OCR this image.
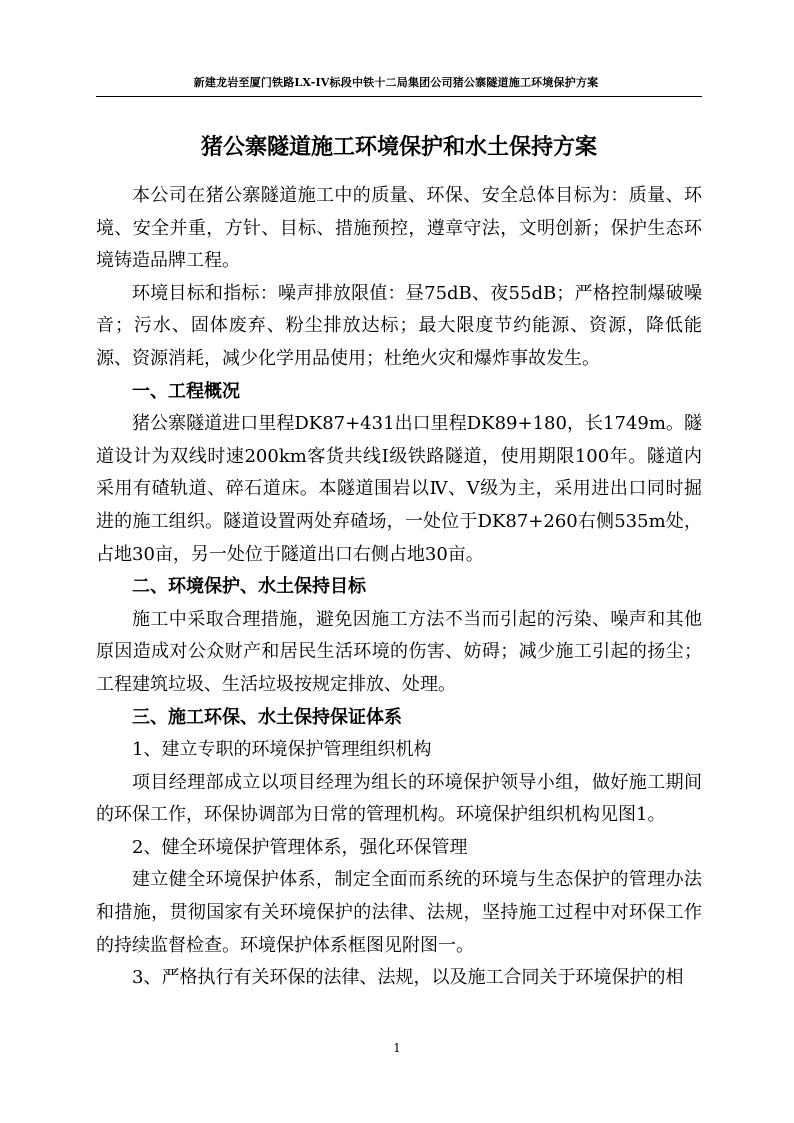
新建龙岩至厦门铁路LX-IV标段中铁十二局集团公司猪公寨隧道施工环境保护方案
猪公寨隧道施工环境保护和水土保持方案

本公司在猪公寨隧道施工中的质量、环保、安全总体目标为：质量、环境、安全并重，方针、目标、措施预控，遵章守法，文明创新；保护生态环境铸造品牌工程。

环境目标和指标：噪声排放限值：昼75dB、夜55dB；严格控制爆破噪音；污水、固体废弃、粉尘排放达标；最大限度节约能源、资源，降低能源、资源消耗，减少化学用品使用；杜绝火灾和爆炸事故发生。

一、工程概况

猪公寨隧道进口里程DK87+431出口里程DK89+180，长1749m。隧道设计为双线时速200km客货共线Ⅰ级铁路隧道，使用期限100年。隧道内采用有碴轨道、碎石道床。本隧道围岩以Ⅳ、Ⅴ级为主，采用进出口同时掘进的施工组织。隧道设置两处弃碴场，一处位于DK87+260右侧535m处，占地30亩，另一处位于隧道出口右侧占地30亩。

二、环境保护、水土保持目标

施工中采取合理措施，避免因施工方法不当而引起的污染、噪声和其他原因造成对公众财产和居民生活环境的伤害、妨碍；减少施工引起的扬尘；工程建筑垃圾、生活垃圾按规定排放、处理。

三、施工环保、水土保持保证体系

1、建立专职的环境保护管理组织机构

项目经理部成立以项目经理为组长的环境保护领导小组，做好施工期间的环保工作，环保协调部为日常的管理机构。环境保护组织机构见图1。

2、健全环境保护管理体系，强化环保管理

建立健全环境保护体系，制定全面而系统的环境与生态保护的管理办法和措施，贯彻国家有关环境保护的法律、法规，坚持施工过程中对环保工作的持续监督检查。环境保护体系框图见附图一。

3、严格执行有关环保的法律、法规，以及施工合同关于环境保护的相

1
